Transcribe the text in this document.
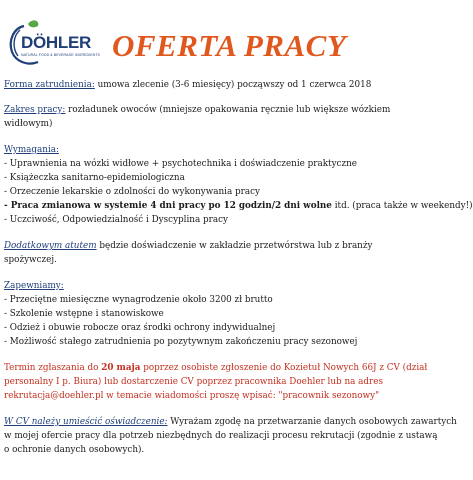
DÖHLER
NATURAL FOOD & BEVERAGE INGREDIENTS OFERTA PRACY

Forma zatrudnienia: umowa zlecenie (3-6 miesięcy) począwszy od 1 czerwca 2018

Zakres pracy: rozładunek owoców (mniejsze opakowania ręcznie lub większe wózkiem widłowym)

Wymagania:
- Uprawnienia na wózki widłowe + psychotechnika i doświadczenie praktyczne
- Książeczka sanitarno-epidemiologiczna
- Orzeczenie lekarskie o zdolności do wykonywania pracy
- Praca zmianowa w systemie 4 dni pracy po 12 godzin/2 dni wolne itd. (praca także w weekendy!)
- Uczciwość, Odpowiedzialność i Dyscyplina pracy

Dodatkowym atutem będzie doświadczenie w zakładzie przetwórstwa lub z branży spożywczej.

Zapewniamy:
- Przeciętne miesięczne wynagrodzenie około 3200 zł brutto
- Szkolenie wstępne i stanowiskowe
- Odzież i obuwie robocze oraz środki ochrony indywidualnej
- Możliwość stałego zatrudnienia po pozytywnym zakończeniu pracy sezonowej
Termin zgłaszania do 20 maja poprzez osobiste zgłoszenie do Kozietuł Nowych 66J z CV (dział
personalny I p. Biura) lub dostarczenie CV poprzez pracownika Doehler lub na adres
rekrutacja@doehler.pl w temacie wiadomości proszę wpisać: "pracownik sezonowy"
W CV należy umieścić oświadczenie: Wyrażam zgodę na przetwarzanie danych osobowych zawartych
w mojej ofercie pracy dla potrzeb niezbędnych do realizacji procesu rekrutacji (zgodnie z ustawą
o ochronie danych osobowych).
